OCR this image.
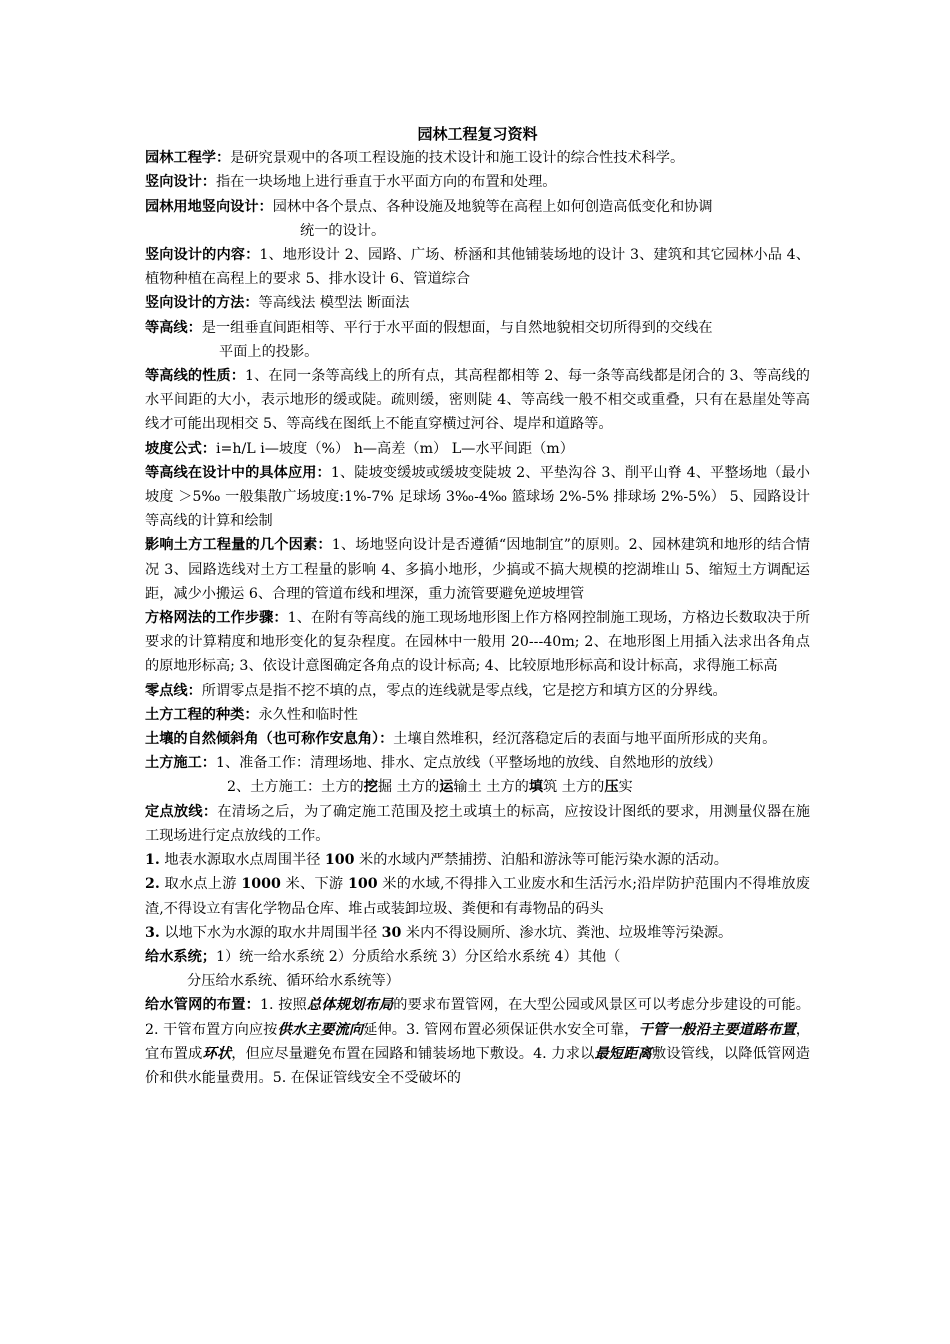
园林工程复习资料

园林工程学：是研究景观中的各项工程设施的技术设计和施工设计的综合性技术科学。

竖向设计：指在一块场地上进行垂直于水平面方向的布置和处理。

园林用地竖向设计：园林中各个景点、各种设施及地貌等在高程上如何创造高低变化和协调

统一的设计。

竖向设计的内容：1、地形设计 2、园路、广场、桥涵和其他铺装场地的设计 3、建筑和其它园林小品 4、植物种植在高程上的要求 5、排水设计 6、管道综合

竖向设计的方法：等高线法 模型法 断面法

等高线：是一组垂直间距相等、平行于水平面的假想面，与自然地貌相交切所得到的交线在

平面上的投影。

等高线的性质：1、在同一条等高线上的所有点，其高程都相等 2、每一条等高线都是闭合的 3、等高线的水平间距的大小，表示地形的缓或陡。疏则缓，密则陡 4、等高线一般不相交或重叠，只有在悬崖处等高线才可能出现相交 5、等高线在图纸上不能直穿横过河谷、堤岸和道路等。

坡度公式：i=h/L i—坡度（%） h—高差（m） L—水平间距（m）

等高线在设计中的具体应用：1、陡坡变缓坡或缓坡变陡坡 2、平垫沟谷 3、削平山脊 4、平整场地（最小坡度 ＞5‰ 一般集散广场坡度:1%-7% 足球场 3‰-4‰ 篮球场 2%-5% 排球场 2%-5%） 5、园路设计等高线的计算和绘制

影响土方工程量的几个因素：1、场地竖向设计是否遵循“因地制宜”的原则。2、园林建筑和地形的结合情况 3、园路选线对土方工程量的影响 4、多搞小地形，少搞或不搞大规模的挖湖堆山 5、缩短土方调配运距，减少小搬运 6、合理的管道布线和埋深，重力流管要避免逆坡埋管

方格网法的工作步骤：1、在附有等高线的施工现场地形图上作方格网控制施工现场，方格边长数取决于所要求的计算精度和地形变化的复杂程度。在园林中一般用 20---40m; 2、在地形图上用插入法求出各角点的原地形标高; 3、依设计意图确定各角点的设计标高; 4、比较原地形标高和设计标高，求得施工标高

零点线：所谓零点是指不挖不填的点，零点的连线就是零点线，它是挖方和填方区的分界线。

土方工程的种类：永久性和临时性

土壤的自然倾斜角（也可称作安息角）：土壤自然堆积，经沉落稳定后的表面与地平面所形成的夹角。

土方施工：1、准备工作：清理场地、排水、定点放线（平整场地的放线、自然地形的放线）

2、土方施工：土方的挖掘 土方的运输土 土方的填筑 土方的压实

定点放线：在清场之后，为了确定施工范围及挖土或填土的标高，应按设计图纸的要求，用测量仪器在施工现场进行定点放线的工作。

1. 地表水源取水点周围半径 100 米的水域内严禁捕捞、泊船和游泳等可能污染水源的活动。

2. 取水点上游 1000 米、下游 100 米的水域,不得排入工业废水和生活污水;沿岸防护范围内不得堆放废渣,不得设立有害化学物品仓库、堆占或装卸垃圾、粪便和有毒物品的码头

3. 以地下水为水源的取水井周围半径 30 米内不得设厕所、渗水坑、粪池、垃圾堆等污染源。

给水系统；1）统一给水系统 2）分质给水系统 3）分区给水系统 4）其他（

分压给水系统、循环给水系统等）

给水管网的布置：1. 按照总体规划布局的要求布置管网，在大型公园或风景区可以考虑分步建设的可能。2. 干管布置方向应按供水主要流向延伸。3. 管网布置必须保证供水安全可靠，干管一般沿主要道路布置，宜布置成环状，但应尽量避免布置在园路和铺装场地下敷设。4. 力求以最短距离敷设管线，以降低管网造价和供水能量费用。5. 在保证管线安全不受破坏的
